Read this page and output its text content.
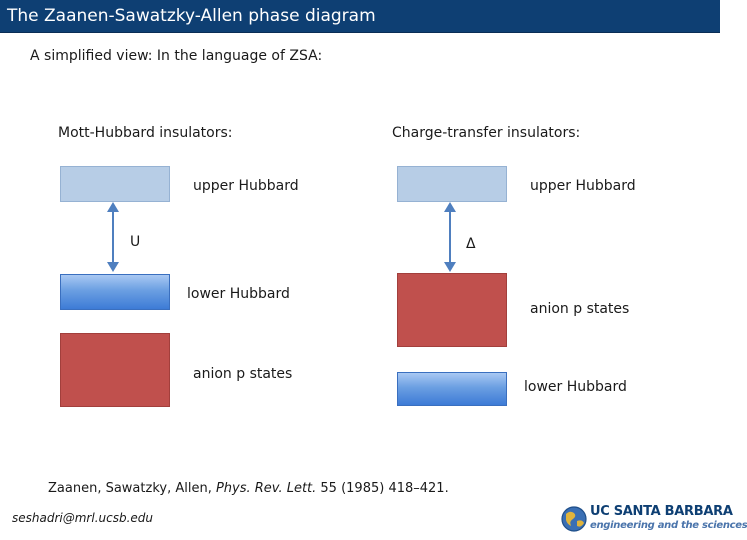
The Zaanen-Sawatzky-Allen phase diagram
A simplified view: In the language of ZSA:
Mott-Hubbard insulators:
upper Hubbard
U
lower Hubbard
anion p states
Charge-transfer insulators:
upper Hubbard
Δ
anion p states
lower Hubbard
Zaanen, Sawatzky, Allen, Phys. Rev. Lett. 55 (1985) 418–421.
seshadri@mrl.ucsb.edu	UC SANTA BARBARA
engineering and the sciences
